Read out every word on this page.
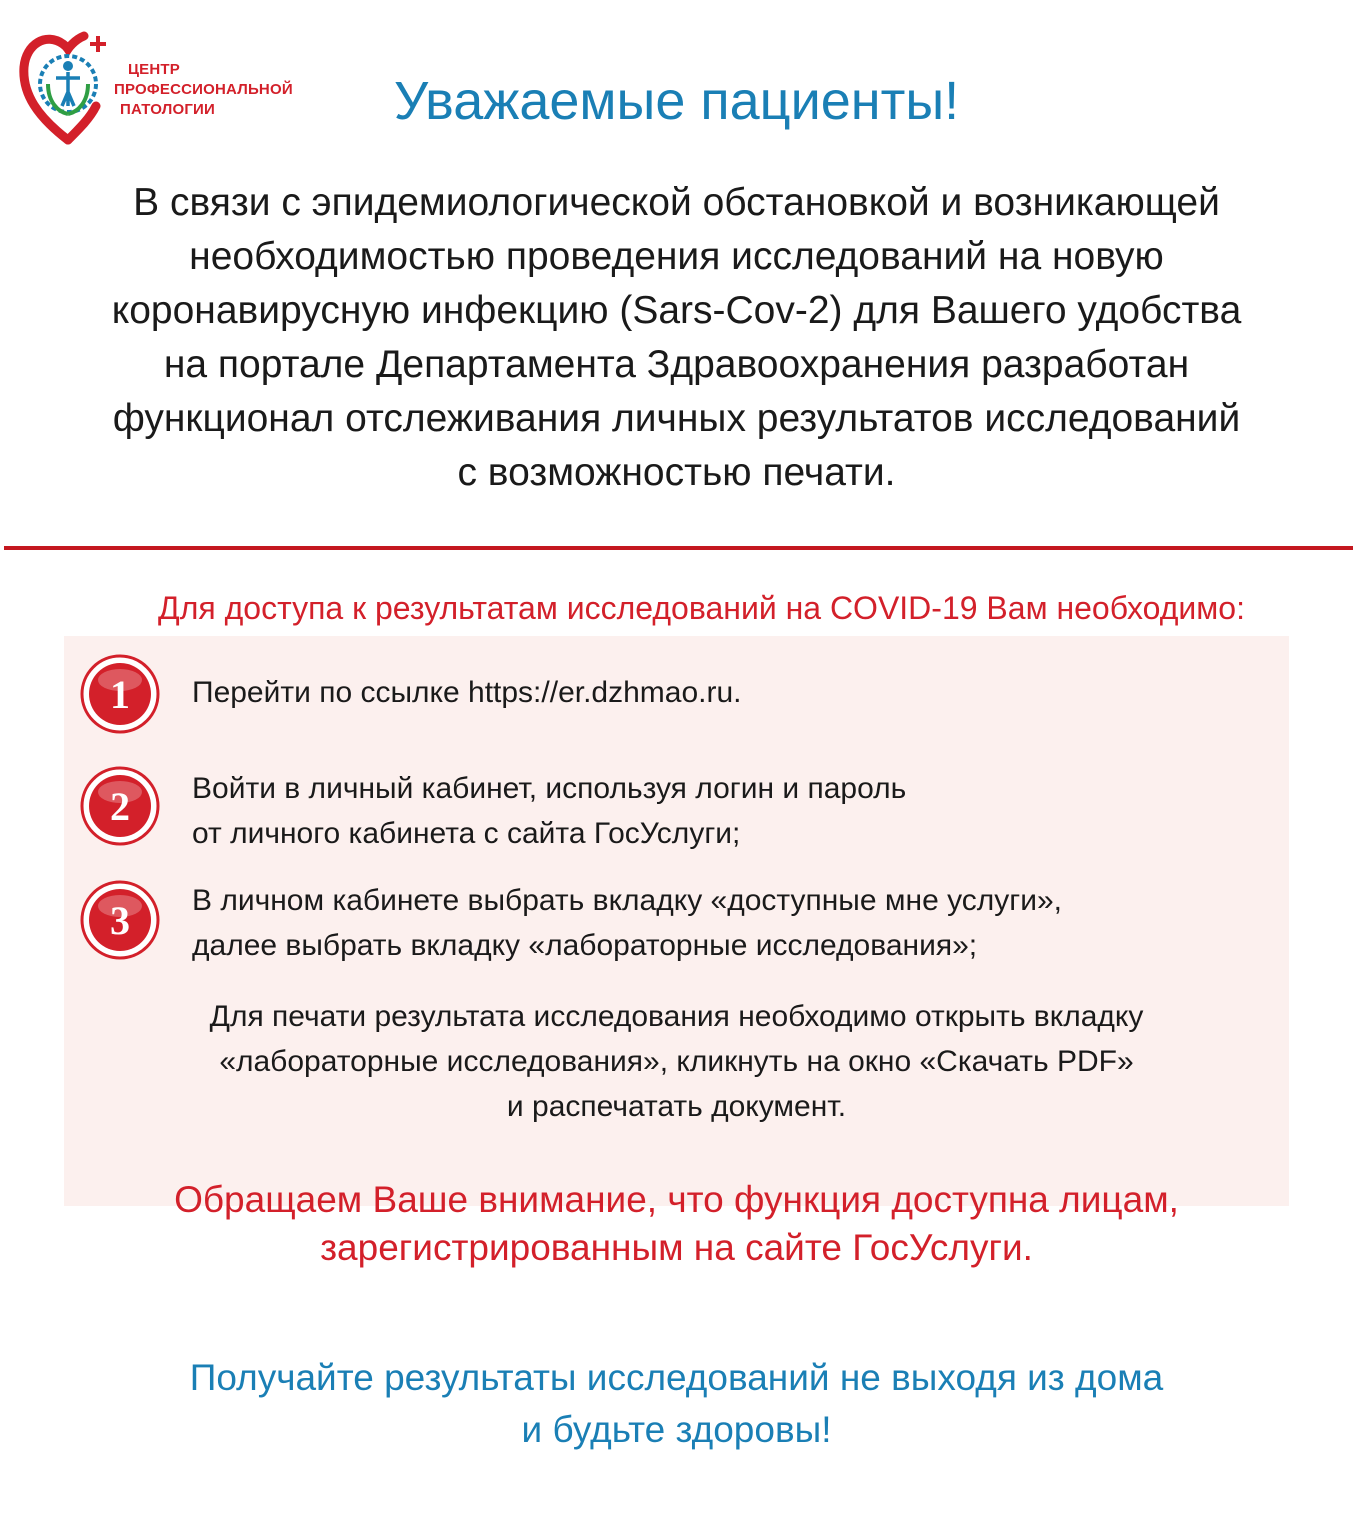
ЦЕНТР
ПРОФЕССИОНАЛЬНОЙ
ПАТОЛОГИИ	Уважаемые пациенты!
В связи с эпидемиологической обстановкой и возникающей
необходимостью проведения исследований на новую
коронавирусную инфекцию (Sars-Cov-2) для Вашего удобства
на портале Департамента Здравоохранения разработан
функционал отслеживания личных результатов исследований
с возможностью печати.
Для доступа к результатам исследований на COVID-19 Вам необходимо:
1 Перейти по ссылке https://er.dzhmao.ru.
2 Войти в личный кабинет, используя логин и пароль
от личного кабинета с сайта ГосУслуги;
3 В личном кабинете выбрать вкладку «доступные мне услуги»,
далее выбрать вкладку «лабораторные исследования»;
Для печати результата исследования необходимо открыть вкладку
«лабораторные исследования», кликнуть на окно «Скачать PDF»
и распечатать документ.
Обращаем Ваше внимание, что функция доступна лицам,
зарегистрированным на сайте ГосУслуги.
Получайте результаты исследований не выходя из дома
и будьте здоровы!
